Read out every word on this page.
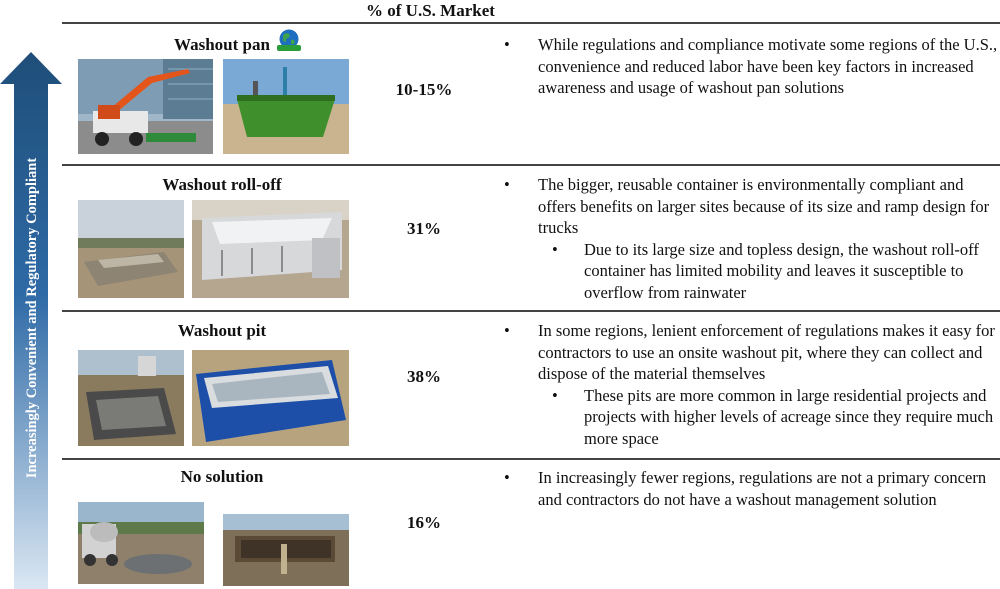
% of U.S. Market
Increasingly Convenient and Regulatory Compliant
Washout pan
10-15%
• While regulations and compliance motivate some regions of the U.S., convenience and reduced labor have been key factors in increased awareness and usage of washout pan solutions
Washout roll-off
31%
• The bigger, reusable container is environmentally compliant and offers benefits on larger sites because of its size and ramp design for trucks
• Due to its large size and topless design, the washout roll-off container has limited mobility and leaves it susceptible to overflow from rainwater
Washout pit
38%
• In some regions, lenient enforcement of regulations makes it easy for contractors to use an onsite washout pit, where they can collect and dispose of the material themselves
• These pits are more common in large residential projects and projects with higher levels of acreage since they require much more space
No solution
16%
• In increasingly fewer regions, regulations are not a primary concern and contractors do not have a washout management solution
